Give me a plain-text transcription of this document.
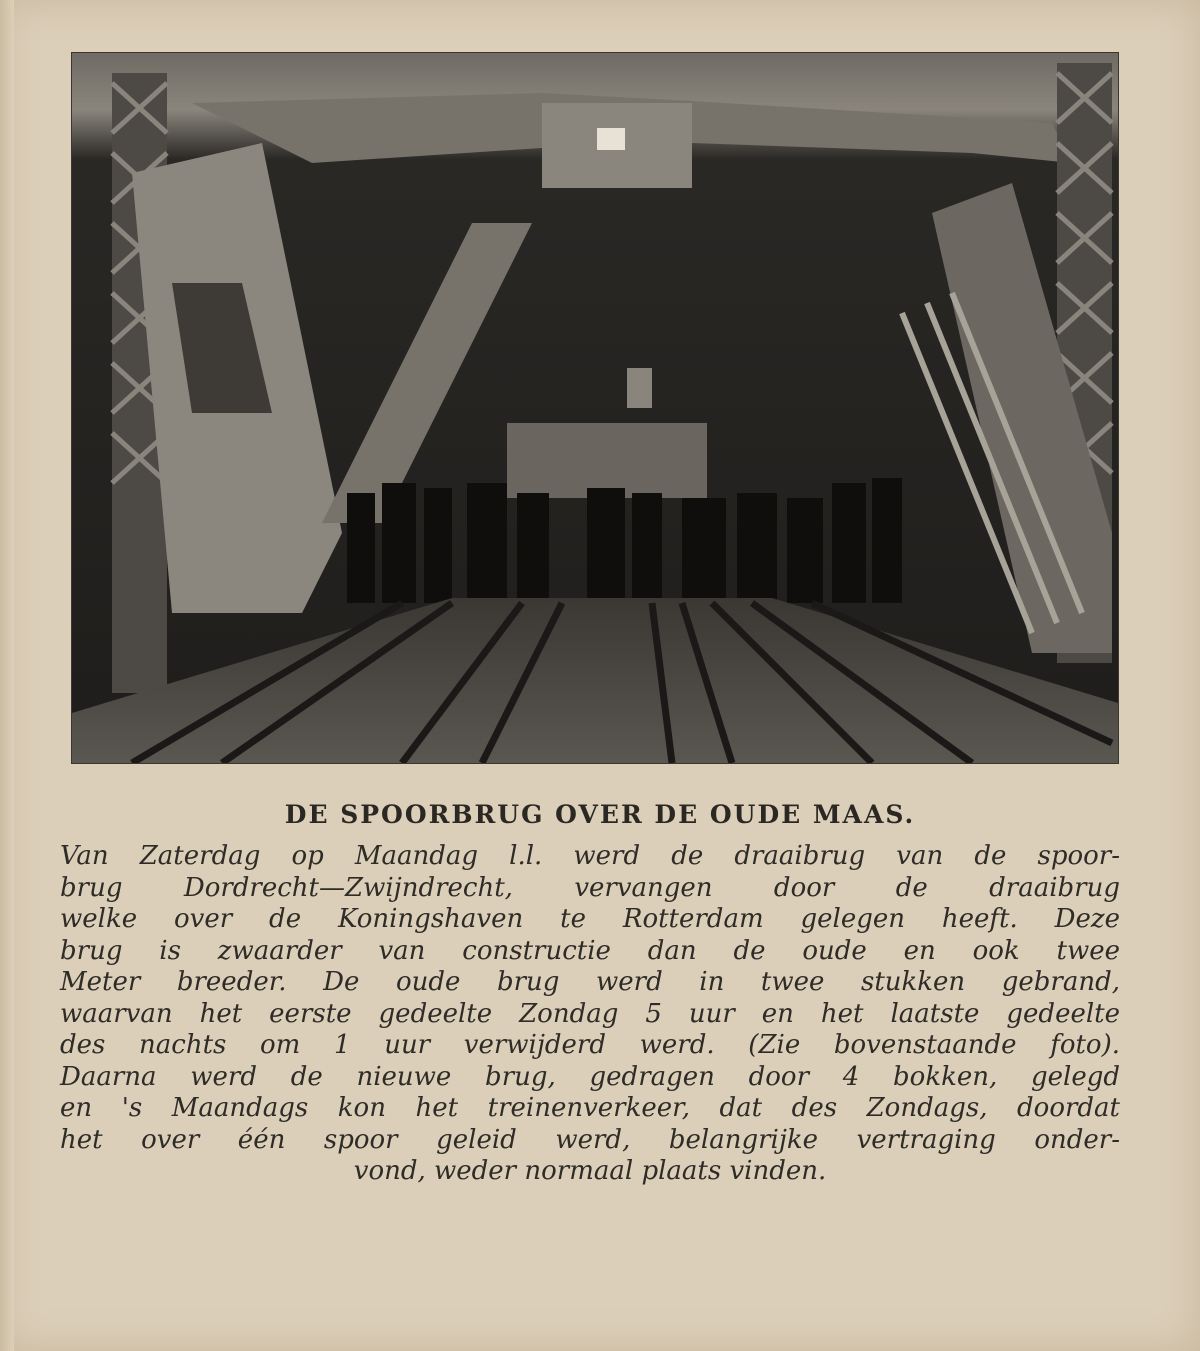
DE SPOORBRUG OVER DE OUDE MAAS.
Van Zaterdag op Maandag l.l. werd de draaibrug van de spoor-
brug Dordrecht—Zwijndrecht, vervangen door de draaibrug
welke over de Koningshaven te Rotterdam gelegen heeft. Deze
brug is zwaarder van constructie dan de oude en ook twee
Meter breeder. De oude brug werd in twee stukken gebrand,
waarvan het eerste gedeelte Zondag 5 uur en het laatste gedeelte
des nachts om 1 uur verwijderd werd. (Zie bovenstaande foto).
Daarna werd de nieuwe brug, gedragen door 4 bokken, gelegd
en 's Maandags kon het treinenverkeer, dat des Zondags, doordat
het over één spoor geleid werd, belangrijke vertraging onder-
vond, weder normaal plaats vinden.
